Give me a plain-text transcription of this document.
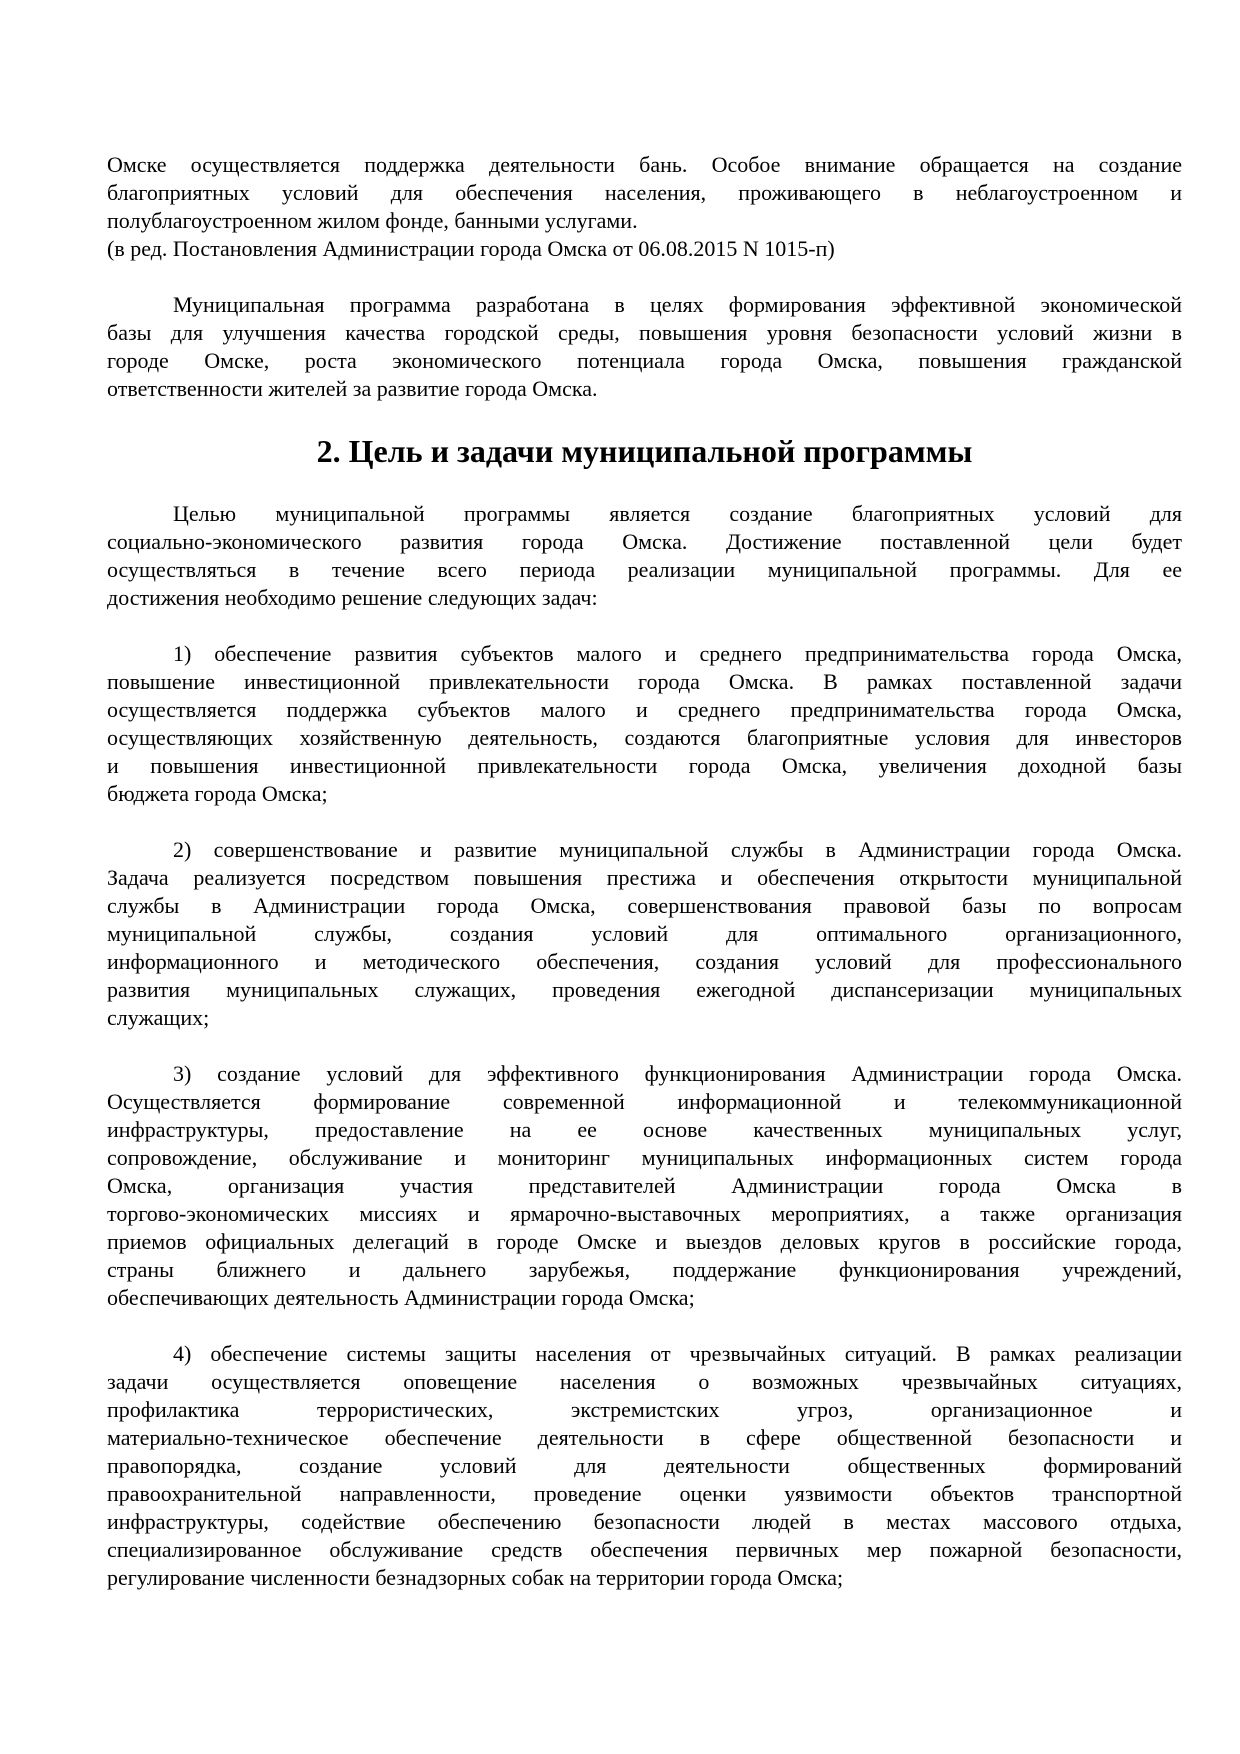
Омске осуществляется поддержка деятельности бань. Особое внимание обращается на создание
благоприятных условий для обеспечения населения, проживающего в неблагоустроенном и
полублагоустроенном жилом фонде, банными услугами.
(в ред. Постановления Администрации города Омска от 06.08.2015 N 1015-п)
Муниципальная программа разработана в целях формирования эффективной экономической
базы для улучшения качества городской среды, повышения уровня безопасности условий жизни в
городе Омске, роста экономического потенциала города Омска, повышения гражданской
ответственности жителей за развитие города Омска.
2. Цель и задачи муниципальной программы
Целью муниципальной программы является создание благоприятных условий для
социально-экономического развития города Омска. Достижение поставленной цели будет
осуществляться в течение всего периода реализации муниципальной программы. Для ее
достижения необходимо решение следующих задач:
1) обеспечение развития субъектов малого и среднего предпринимательства города Омска,
повышение инвестиционной привлекательности города Омска. В рамках поставленной задачи
осуществляется поддержка субъектов малого и среднего предпринимательства города Омска,
осуществляющих хозяйственную деятельность, создаются благоприятные условия для инвесторов
и повышения инвестиционной привлекательности города Омска, увеличения доходной базы
бюджета города Омска;
2) совершенствование и развитие муниципальной службы в Администрации города Омска.
Задача реализуется посредством повышения престижа и обеспечения открытости муниципальной
службы в Администрации города Омска, совершенствования правовой базы по вопросам
муниципальной службы, создания условий для оптимального организационного,
информационного и методического обеспечения, создания условий для профессионального
развития муниципальных служащих, проведения ежегодной диспансеризации муниципальных
служащих;
3) создание условий для эффективного функционирования Администрации города Омска.
Осуществляется формирование современной информационной и телекоммуникационной
инфраструктуры, предоставление на ее основе качественных муниципальных услуг,
сопровождение, обслуживание и мониторинг муниципальных информационных систем города
Омска, организация участия представителей Администрации города Омска в
торгово-экономических миссиях и ярмарочно-выставочных мероприятиях, а также организация
приемов официальных делегаций в городе Омске и выездов деловых кругов в российские города,
страны ближнего и дальнего зарубежья, поддержание функционирования учреждений,
обеспечивающих деятельность Администрации города Омска;
4) обеспечение системы защиты населения от чрезвычайных ситуаций. В рамках реализации
задачи осуществляется оповещение населения о возможных чрезвычайных ситуациях,
профилактика террористических, экстремистских угроз, организационное и
материально-техническое обеспечение деятельности в сфере общественной безопасности и
правопорядка, создание условий для деятельности общественных формирований
правоохранительной направленности, проведение оценки уязвимости объектов транспортной
инфраструктуры, содействие обеспечению безопасности людей в местах массового отдыха,
специализированное обслуживание средств обеспечения первичных мер пожарной безопасности,
регулирование численности безнадзорных собак на территории города Омска;
